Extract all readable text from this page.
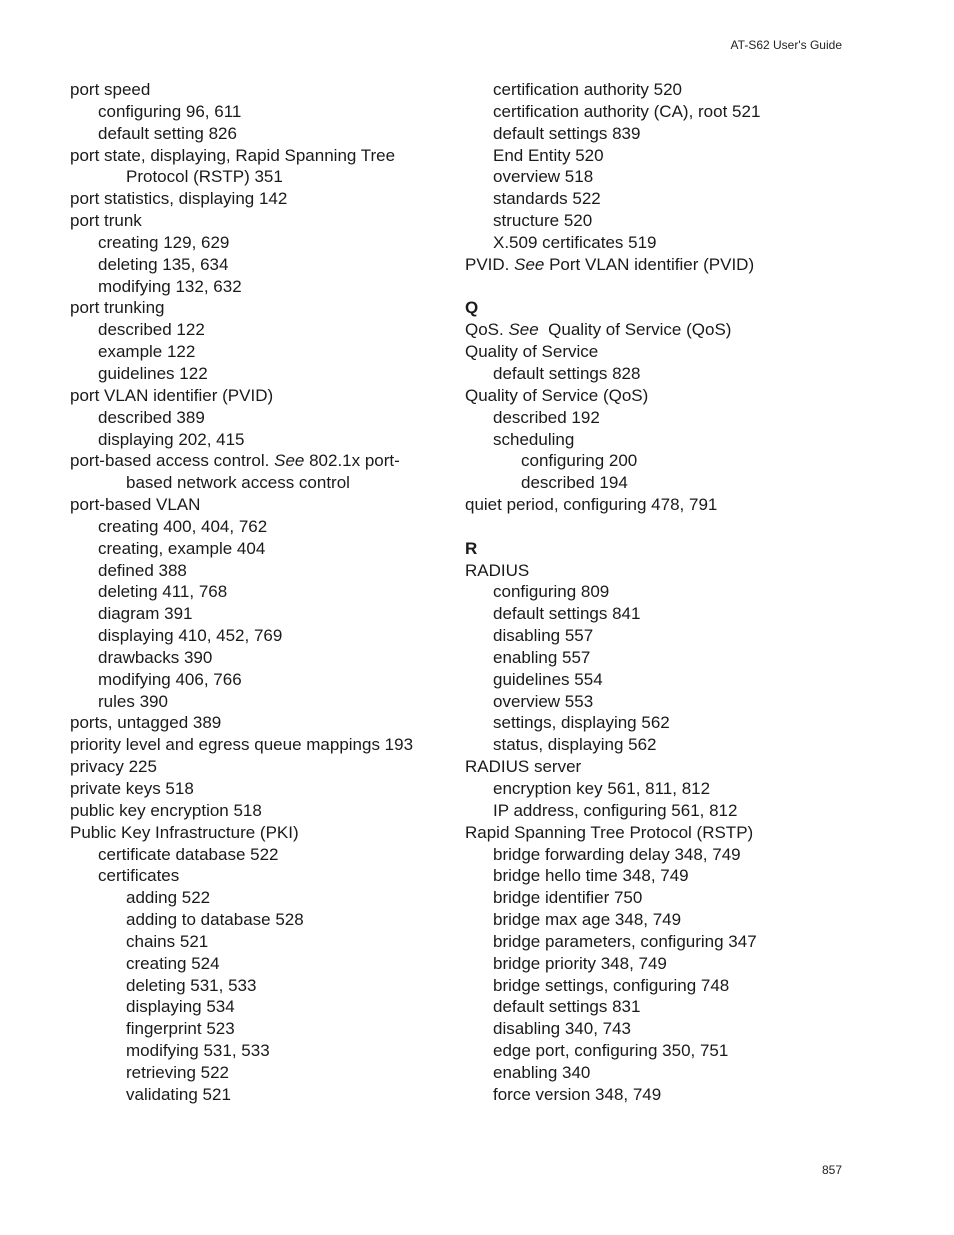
AT-S62 User's Guide
port speed
configuring 96, 611
default setting 826
port state, displaying, Rapid Spanning Tree
Protocol (RSTP) 351
port statistics, displaying 142
port trunk
creating 129, 629
deleting 135, 634
modifying 132, 632
port trunking
described 122
example 122
guidelines 122
port VLAN identifier (PVID)
described 389
displaying 202, 415
port-based access control. See 802.1x port-
based network access control
port-based VLAN
creating 400, 404, 762
creating, example 404
defined 388
deleting 411, 768
diagram 391
displaying 410, 452, 769
drawbacks 390
modifying 406, 766
rules 390
ports, untagged 389
priority level and egress queue mappings 193
privacy 225
private keys 518
public key encryption 518
Public Key Infrastructure (PKI)
certificate database 522
certificates
adding 522
adding to database 528
chains 521
creating 524
deleting 531, 533
displaying 534
fingerprint 523
modifying 531, 533
retrieving 522
validating 521
certification authority 520
certification authority (CA), root 521
default settings 839
End Entity 520
overview 518
standards 522
structure 520
X.509 certificates 519
PVID. See Port VLAN identifier (PVID)
Q
QoS. See  Quality of Service (QoS)
Quality of Service
default settings 828
Quality of Service (QoS)
described 192
scheduling
configuring 200
described 194
quiet period, configuring 478, 791
R
RADIUS
configuring 809
default settings 841
disabling 557
enabling 557
guidelines 554
overview 553
settings, displaying 562
status, displaying 562
RADIUS server
encryption key 561, 811, 812
IP address, configuring 561, 812
Rapid Spanning Tree Protocol (RSTP)
bridge forwarding delay 348, 749
bridge hello time 348, 749
bridge identifier 750
bridge max age 348, 749
bridge parameters, configuring 347
bridge priority 348, 749
bridge settings, configuring 748
default settings 831
disabling 340, 743
edge port, configuring 350, 751
enabling 340
force version 348, 749
857
